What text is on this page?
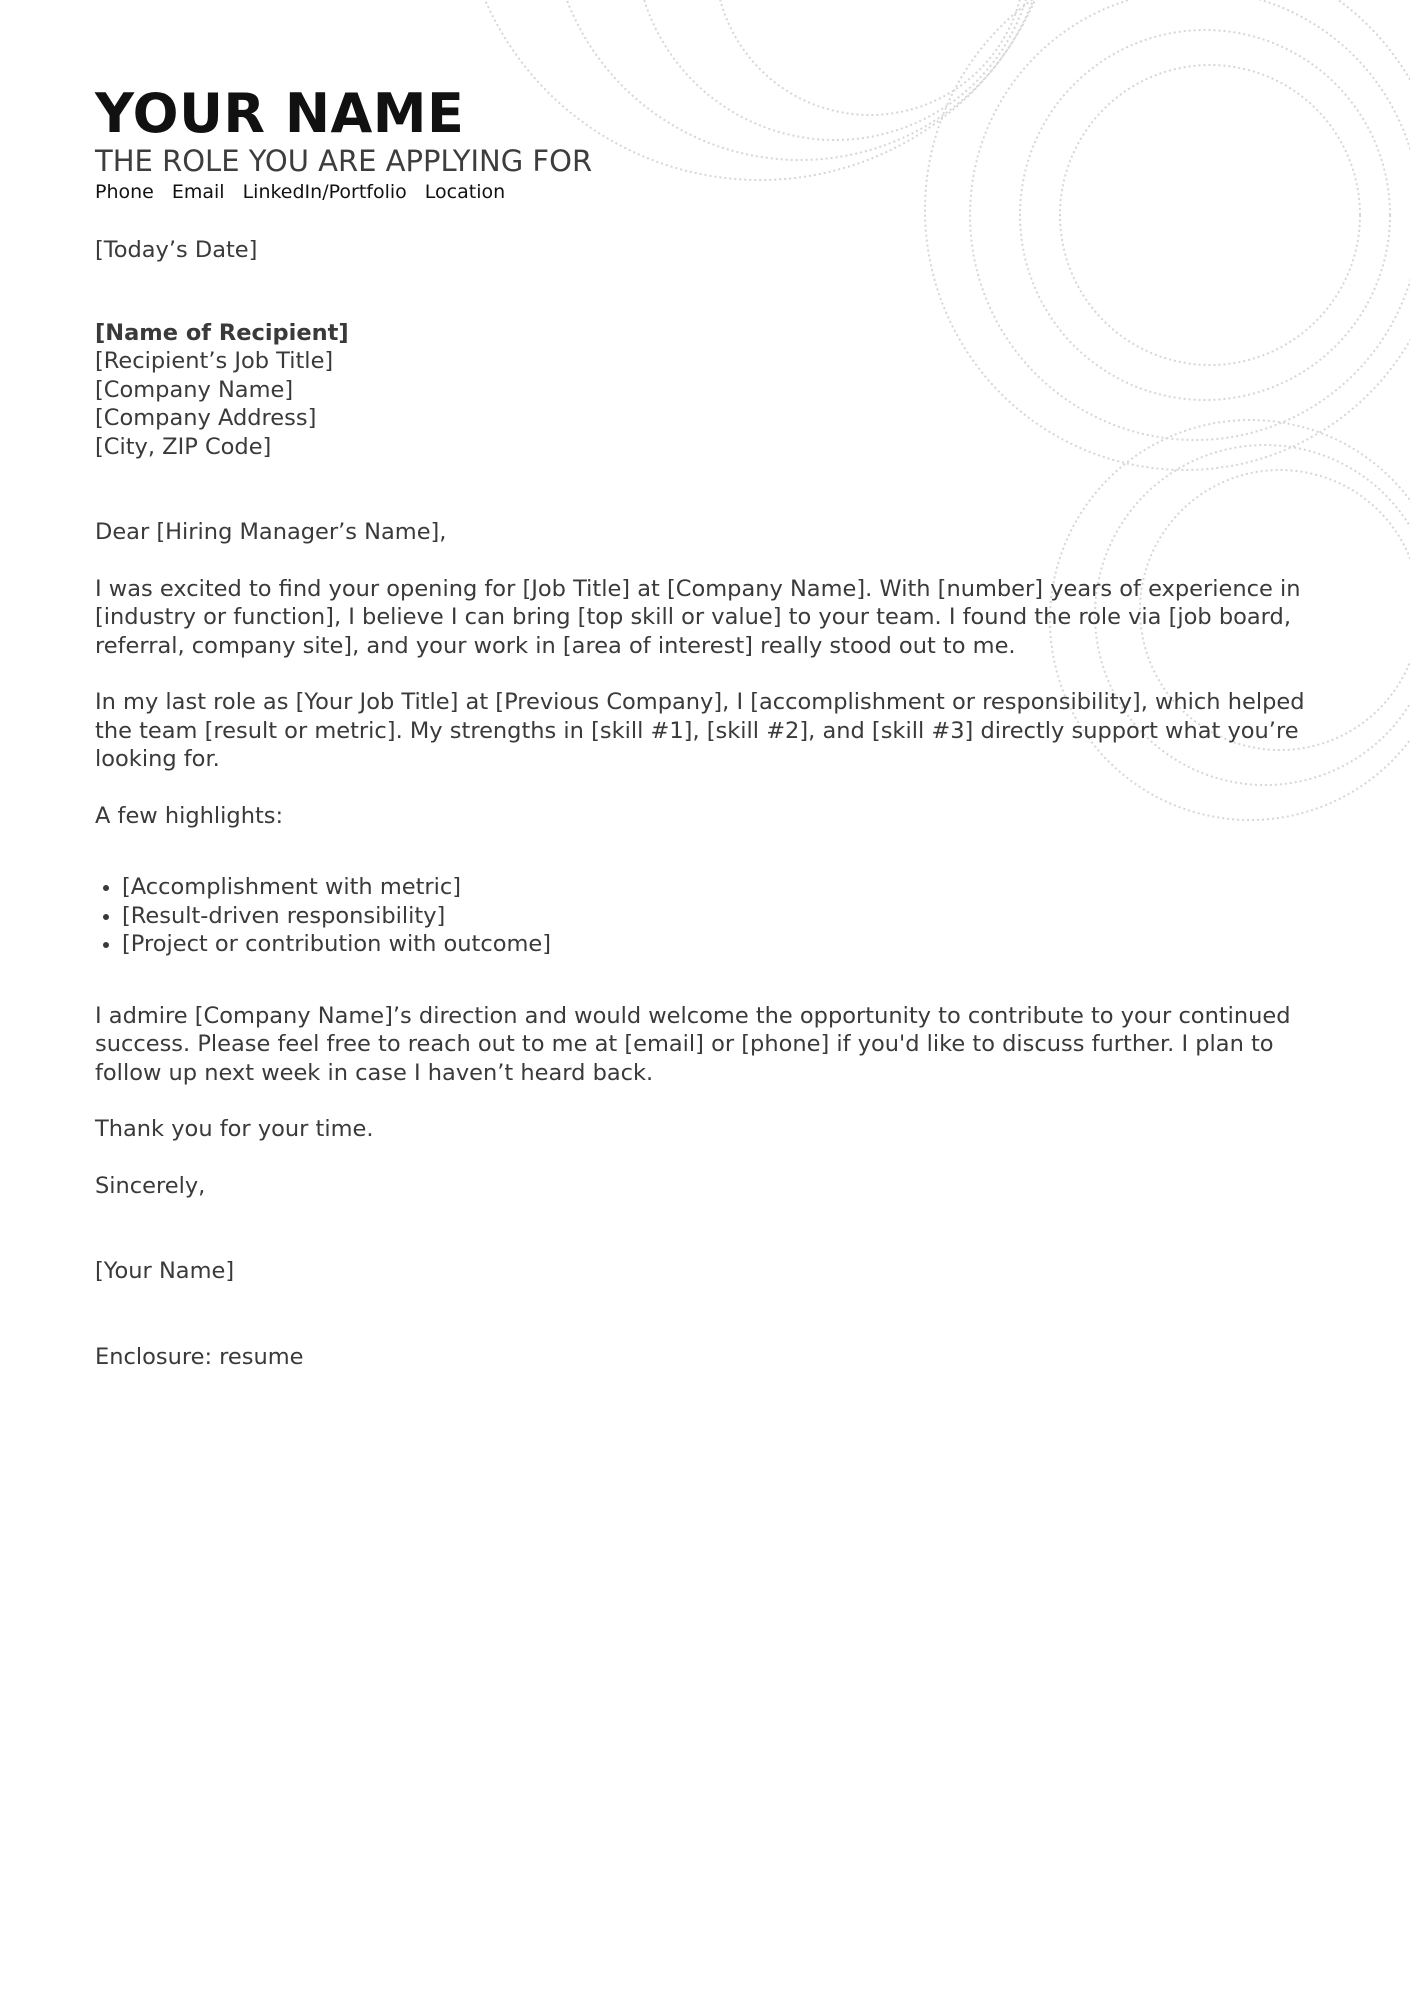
YOUR NAME
THE ROLE YOU ARE APPLYING FOR
Phone Email LinkedIn/Portfolio Location
[Today’s Date]
[Name of Recipient]
[Recipient’s Job Title]
[Company Name]
[Company Address]
[City, ZIP Code]
Dear [Hiring Manager’s Name],
I was excited to find your opening for [Job Title] at [Company Name]. With [number] years of experience in [industry or function], I believe I can bring [top skill or value] to your team. I found the role via [job board, referral, company site], and your work in [area of interest] really stood out to me.
In my last role as [Your Job Title] at [Previous Company], I [accomplishment or responsibility], which helped the team [result or metric]. My strengths in [skill #1], [skill #2], and [skill #3] directly support what you’re looking for.
A few highlights:
[Accomplishment with metric]
[Result-driven responsibility]
[Project or contribution with outcome]
I admire [Company Name]’s direction and would welcome the opportunity to contribute to your continued success. Please feel free to reach out to me at [email] or [phone] if you'd like to discuss further. I plan to follow up next week in case I haven’t heard back.
Thank you for your time.
Sincerely,
[Your Name]
Enclosure: resume
